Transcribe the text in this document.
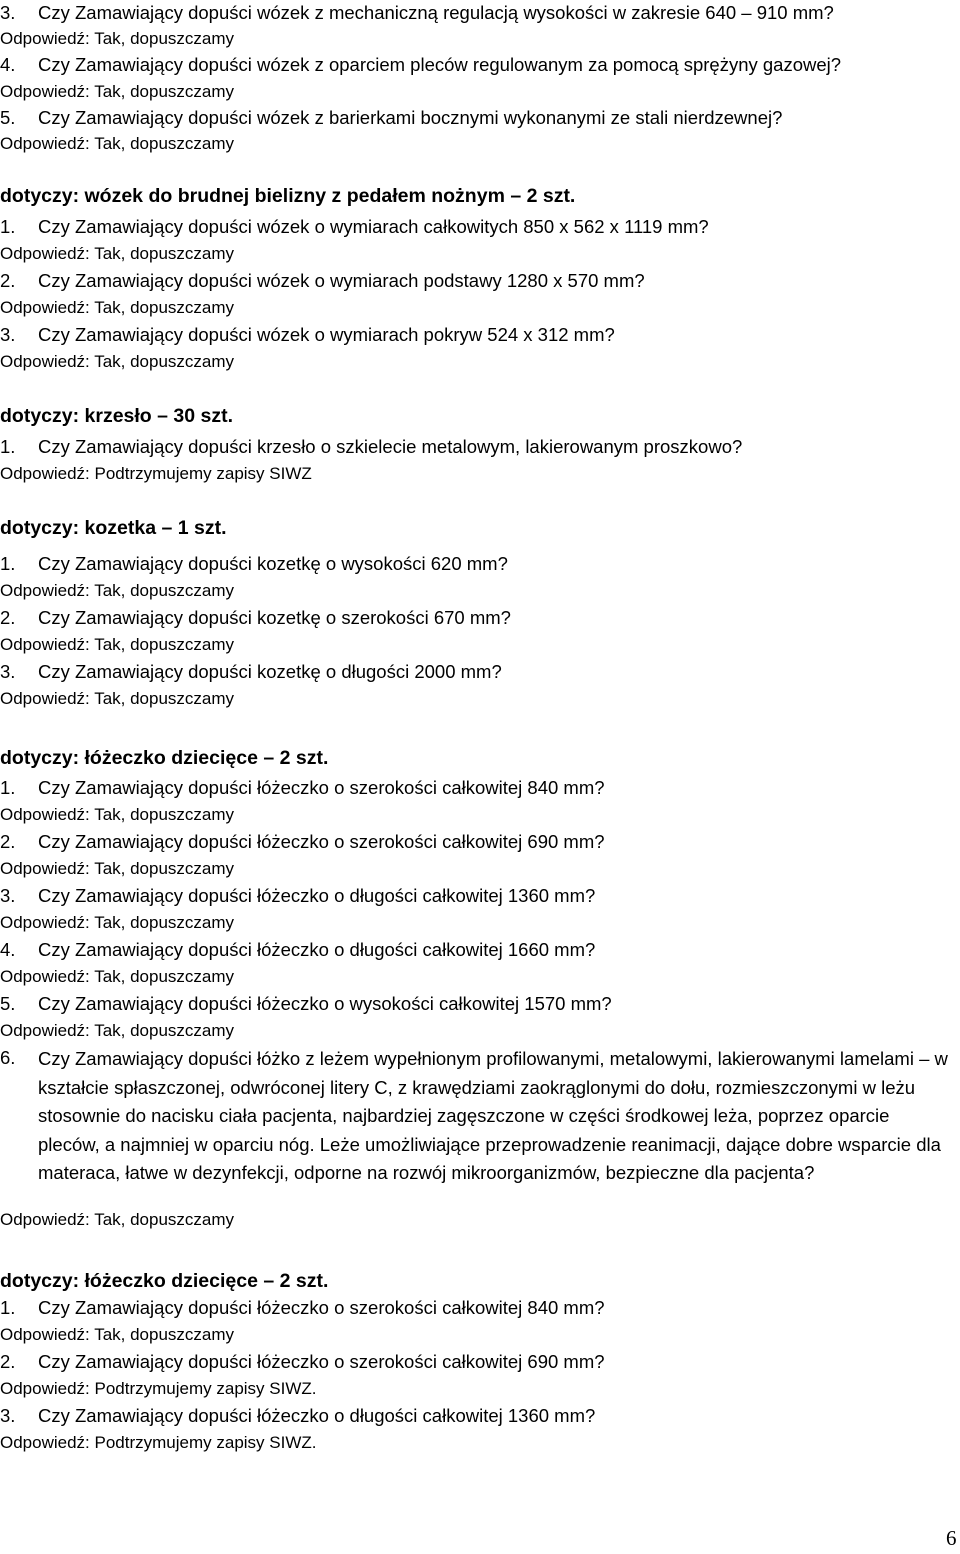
3. Czy Zamawiający dopuści wózek z mechaniczną regulacją wysokości w zakresie 640 – 910 mm?
Odpowiedź: Tak, dopuszczamy
4. Czy Zamawiający dopuści wózek z oparciem pleców regulowanym za pomocą sprężyny gazowej?
Odpowiedź: Tak, dopuszczamy
5. Czy Zamawiający dopuści wózek z barierkami bocznymi wykonanymi ze stali nierdzewnej?
Odpowiedź: Tak, dopuszczamy
dotyczy: wózek do brudnej bielizny z pedałem nożnym – 2 szt.
1. Czy Zamawiający dopuści wózek o wymiarach całkowitych 850 x 562 x 1119 mm?
Odpowiedź: Tak, dopuszczamy
2. Czy Zamawiający dopuści wózek o wymiarach podstawy 1280 x 570 mm?
Odpowiedź: Tak, dopuszczamy
3. Czy Zamawiający dopuści wózek o wymiarach pokryw 524 x 312 mm?
Odpowiedź: Tak, dopuszczamy
dotyczy: krzesło – 30 szt.
1. Czy Zamawiający dopuści krzesło o szkielecie metalowym, lakierowanym proszkowo?
Odpowiedź: Podtrzymujemy zapisy SIWZ
dotyczy: kozetka – 1 szt.
1. Czy Zamawiający dopuści kozetkę o wysokości 620 mm?
Odpowiedź: Tak, dopuszczamy
2. Czy Zamawiający dopuści kozetkę o szerokości 670 mm?
Odpowiedź: Tak, dopuszczamy
3. Czy Zamawiający dopuści kozetkę o długości 2000 mm?
Odpowiedź: Tak, dopuszczamy
dotyczy: łóżeczko dziecięce – 2 szt.
1. Czy Zamawiający dopuści łóżeczko o szerokości całkowitej 840 mm?
Odpowiedź: Tak, dopuszczamy
2. Czy Zamawiający dopuści łóżeczko o szerokości całkowitej 690 mm?
Odpowiedź: Tak, dopuszczamy
3. Czy Zamawiający dopuści łóżeczko o długości całkowitej 1360 mm?
Odpowiedź: Tak, dopuszczamy
4. Czy Zamawiający dopuści łóżeczko o długości całkowitej 1660 mm?
Odpowiedź: Tak, dopuszczamy
5. Czy Zamawiający dopuści łóżeczko o wysokości całkowitej 1570 mm?
Odpowiedź: Tak, dopuszczamy
6. Czy Zamawiający dopuści łóżko z leżem wypełnionym profilowanymi, metalowymi, lakierowanymi lamelami – w kształcie spłaszczonej, odwróconej litery C, z krawędziami zaokrąglonymi do dołu, rozmieszczonymi w leżu stosownie do nacisku ciała pacjenta, najbardziej zagęszczone w części środkowej leża, poprzez oparcie pleców, a najmniej w oparciu nóg. Leże umożliwiające przeprowadzenie reanimacji, dające dobre wsparcie dla materaca, łatwe w dezynfekcji, odporne na rozwój mikroorganizmów, bezpieczne dla pacjenta?
Odpowiedź: Tak, dopuszczamy
dotyczy: łóżeczko dziecięce – 2 szt.
1. Czy Zamawiający dopuści łóżeczko o szerokości całkowitej 840 mm?
Odpowiedź: Tak, dopuszczamy
2. Czy Zamawiający dopuści łóżeczko o szerokości całkowitej 690 mm?
Odpowiedź: Podtrzymujemy zapisy SIWZ.
3. Czy Zamawiający dopuści łóżeczko o długości całkowitej 1360 mm?
Odpowiedź: Podtrzymujemy zapisy SIWZ.
6
